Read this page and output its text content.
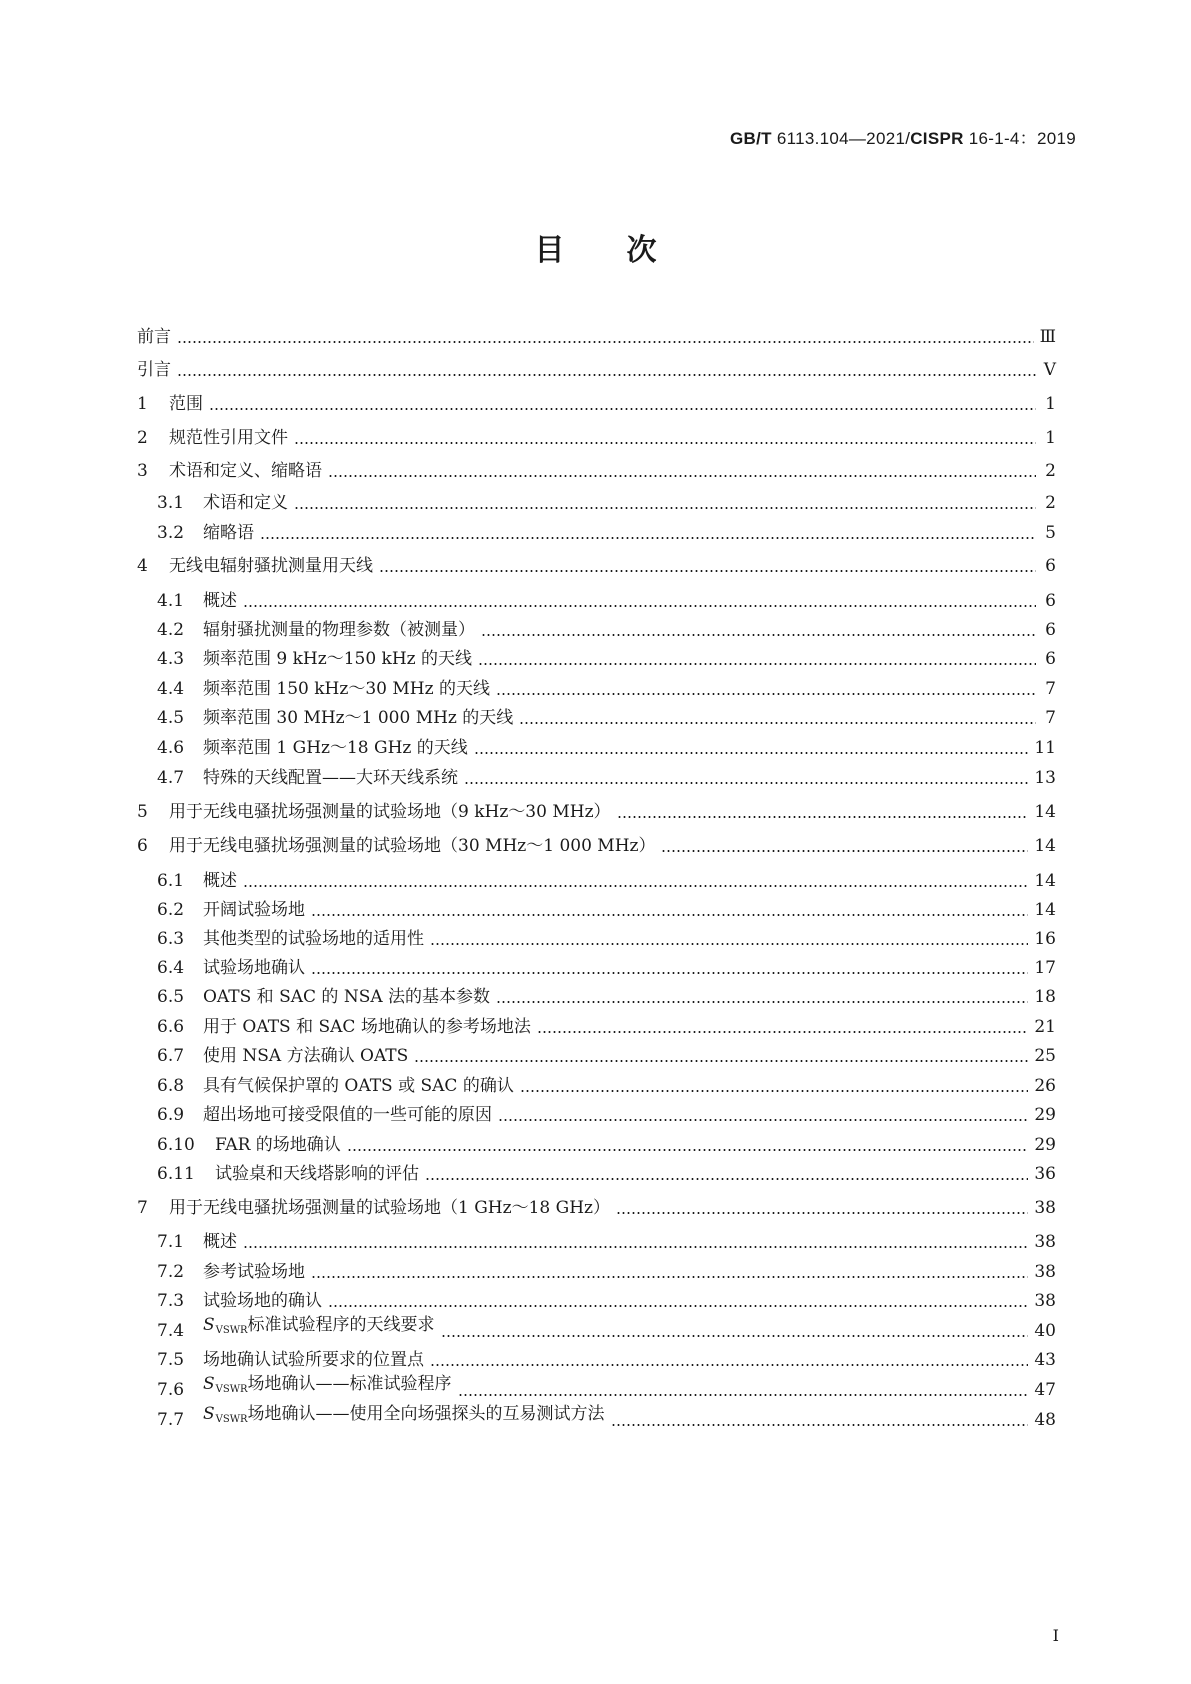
GB/T 6113.104—2021/CISPR 16-1-4：2019
目次
前言	Ⅲ
引言	Ⅴ
1	范围	1
2	规范性引用文件	1
3	术语和定义、缩略语	2
3.1	术语和定义	2
3.2	缩略语	5
4	无线电辐射骚扰测量用天线	6
4.1	概述	6
4.2	辐射骚扰测量的物理参数（被测量）	6
4.3	频率范围 9 kHz～150 kHz 的天线	6
4.4	频率范围 150 kHz～30 MHz 的天线	7
4.5	频率范围 30 MHz～1 000 MHz 的天线	7
4.6	频率范围 1 GHz～18 GHz 的天线	11
4.7	特殊的天线配置——大环天线系统	13
5	用于无线电骚扰场强测量的试验场地（9 kHz～30 MHz）	14
6	用于无线电骚扰场强测量的试验场地（30 MHz～1 000 MHz）	14
6.1	概述	14
6.2	开阔试验场地	14
6.3	其他类型的试验场地的适用性	16
6.4	试验场地确认	17
6.5	OATS 和 SAC 的 NSA 法的基本参数	18
6.6	用于 OATS 和 SAC 场地确认的参考场地法	21
6.7	使用 NSA 方法确认 OATS	25
6.8	具有气候保护罩的 OATS 或 SAC 的确认	26
6.9	超出场地可接受限值的一些可能的原因	29
6.10	FAR 的场地确认	29
6.11	试验桌和天线塔影响的评估	36
7	用于无线电骚扰场强测量的试验场地（1 GHz～18 GHz）	38
7.1	概述	38
7.2	参考试验场地	38
7.3	试验场地的确认	38
7.4	$S_{VSWR}$标准试验程序的天线要求	40
7.5	场地确认试验所要求的位置点	43
7.6	$S_{VSWR}$场地确认——标准试验程序	47
7.7	$S_{VSWR}$场地确认——使用全向场强探头的互易测试方法	48
I
